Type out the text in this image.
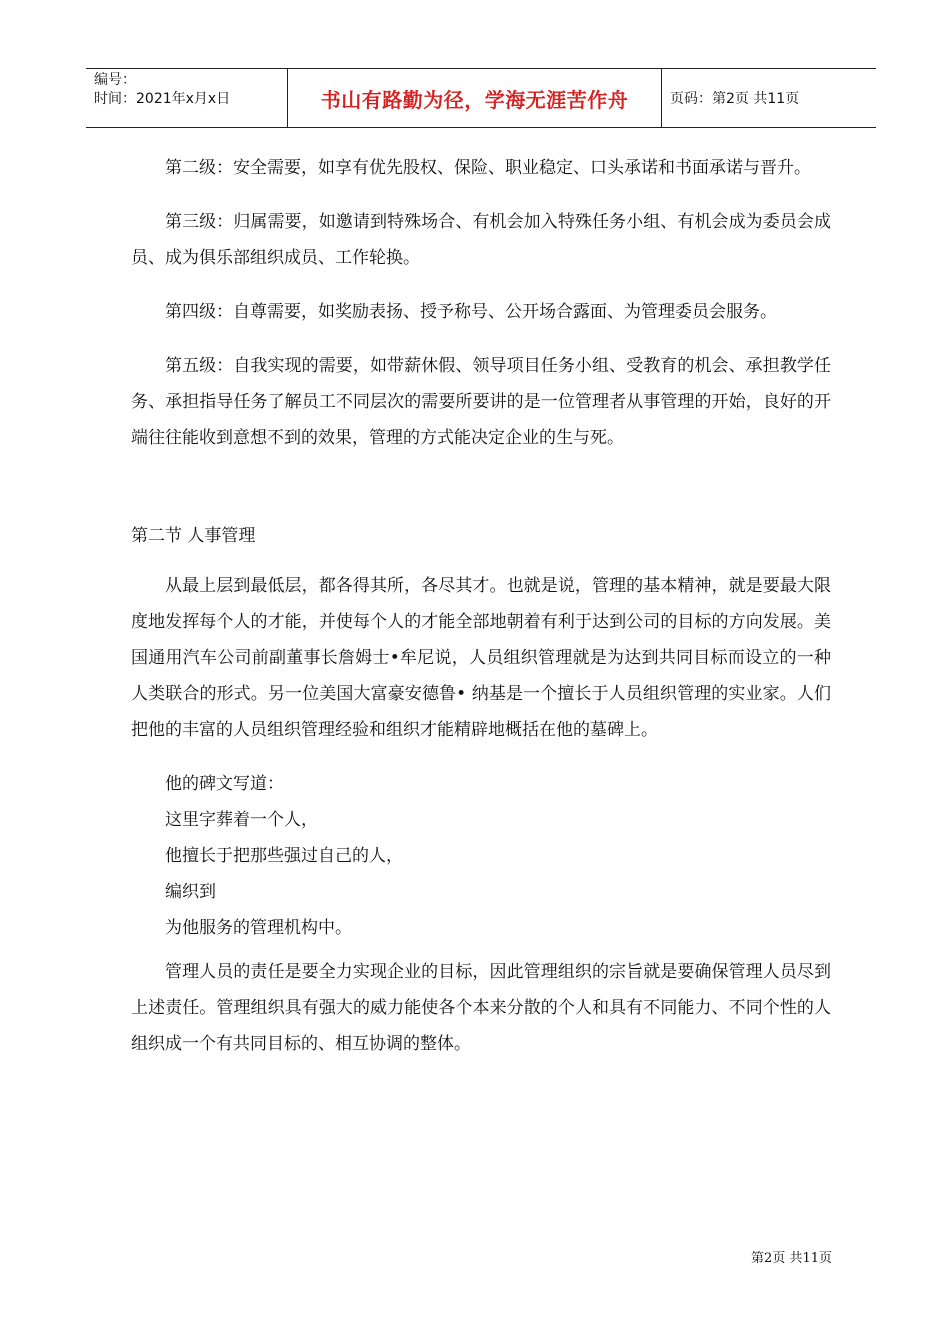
编号：
时间：2021年x月x日	书山有路勤为径，学海无涯苦作舟	页码：第2页 共11页

第二级：安全需要，如享有优先股权、保险、职业稳定、口头承诺和书面承诺与晋升。

第三级：归属需要，如邀请到特殊场合、有机会加入特殊任务小组、有机会成为委员会成员、成为俱乐部组织成员、工作轮换。

第四级：自尊需要，如奖励表扬、授予称号、公开场合露面、为管理委员会服务。

第五级：自我实现的需要，如带薪休假、领导项目任务小组、受教育的机会、承担教学任务、承担指导任务了解员工不同层次的需要所要讲的是一位管理者从事管理的开始，良好的开端往往能收到意想不到的效果，管理的方式能决定企业的生与死。

第二节 人事管理

从最上层到最低层，都各得其所，各尽其才。也就是说，管理的基本精神，就是要最大限度地发挥每个人的才能，并使每个人的才能全部地朝着有利于达到公司的目标的方向发展。美国通用汽车公司前副董事长詹姆士•牟尼说，人员组织管理就是为达到共同目标而设立的一种人类联合的形式。另一位美国大富豪安德鲁• 纳基是一个擅长于人员组织管理的实业家。人们把他的丰富的人员组织管理经验和组织才能精辟地概括在他的墓碑上。

他的碑文写道：
这里字葬着一个人，
他擅长于把那些强过自己的人，
编织到
为他服务的管理机构中。

管理人员的责任是要全力实现企业的目标，因此管理组织的宗旨就是要确保管理人员尽到上述责任。管理组织具有强大的威力能使各个本来分散的个人和具有不同能力、不同个性的人组织成一个有共同目标的、相互协调的整体。

第2页 共11页
